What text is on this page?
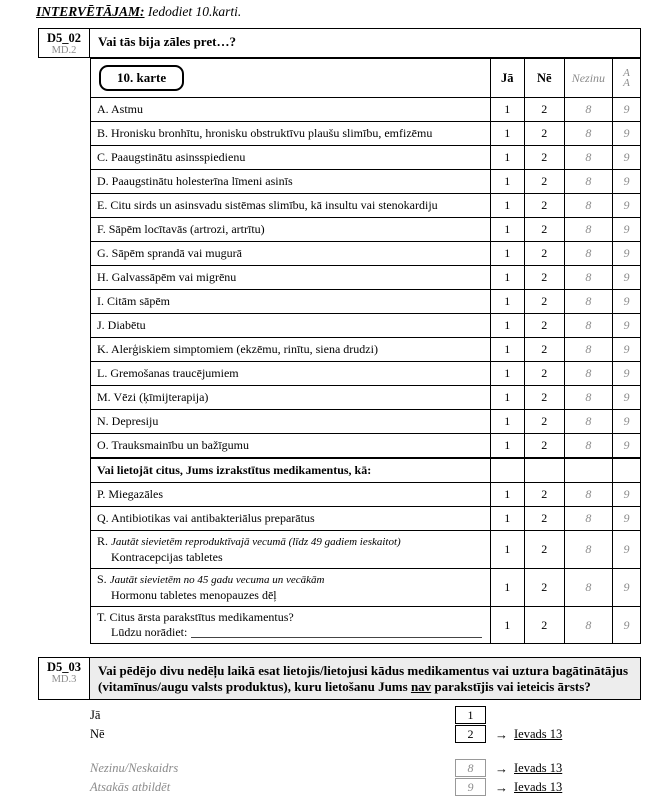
INTERVĒTĀJAM: Iedodiet 10.karti.
D5_02
MD.2
Vai tās bija zāles pret…?
10. karte	Jā	Nē	Nezinu	A
A

A. Astmu	1	2	8	9
B. Hronisku bronhītu, hronisku obstruktīvu plaušu slimību, emfizēmu	1	2	8	9
C. Paaugstinātu asinsspiedienu	1	2	8	9
D. Paaugstinātu holesterīna līmeni asinīs	1	2	8	9
E. Citu sirds un asinsvadu sistēmas slimību, kā insultu vai stenokardiju	1	2	8	9
F. Sāpēm locītavās (artrozi, artrītu)	1	2	8	9
G. Sāpēm sprandā vai mugurā	1	2	8	9
H. Galvassāpēm vai migrēnu	1	2	8	9
I. Citām sāpēm	1	2	8	9
J. Diabētu	1	2	8	9
K. Alerģiskiem simptomiem (ekzēmu, rinītu, siena drudzi)	1	2	8	9
L. Gremošanas traucējumiem	1	2	8	9
M. Vēzi (ķīmijterapija)	1	2	8	9
N. Depresiju	1	2	8	9
O. Trauksmainību un bažīgumu	1	2	8	9
Vai lietojāt citus, Jums izrakstītus medikamentus, kā:				
P. Miegazāles	1	2	8	9
Q. Antibiotikas vai antibakteriālus preparātus	1	2	8	9

R. Jautāt sievietēm reproduktīvajā vecumā (līdz 49 gadiem ieskaitot)
Kontracepcijas tabletes	1	2	8	9

S. Jautāt sievietēm no 45 gadu vecuma un vecākām
Hormonu tabletes menopauzes dēļ	1	2	8	9

T. Citus ārsta parakstītus medikamentus?
Lūdzu norādiet:	1	2	8	9
D5_03
MD.3
Vai pēdējo divu nedēļu laikā esat lietojis/lietojusi kādus medikamentus vai uztura bagātinātājus (vitamīnus/augu valsts produktus), kuru lietošanu Jums nav parakstījis vai ieteicis ārsts?
Jā	1
Nē	2	→ Ievads 13
Nezinu/Neskaidrs	8	→ Ievads 13
Atsakās atbildēt	9	→ Ievads 13
